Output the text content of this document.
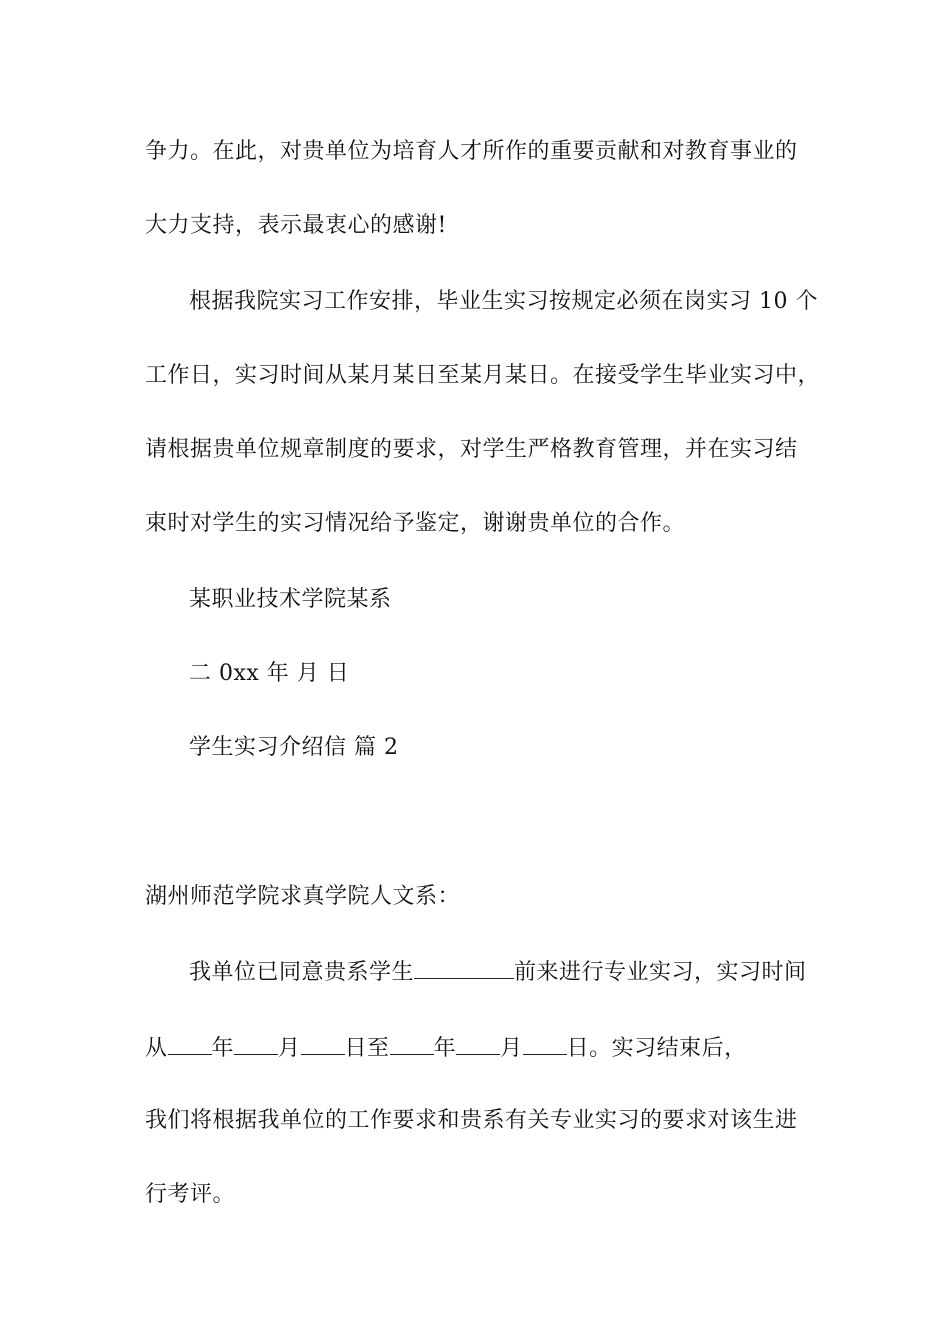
争力。在此，对贵单位为培育人才所作的重要贡献和对教育事业的
大力支持，表示最衷心的感谢!
根据我院实习工作安排，毕业生实习按规定必须在岗实习 10 个
工作日，实习时间从某月某日至某月某日。在接受学生毕业实习中，
请根据贵单位规章制度的要求，对学生严格教育管理，并在实习结
束时对学生的实习情况给予鉴定，谢谢贵单位的合作。
某职业技术学院某系
二 0xx 年 月 日
学生实习介绍信 篇 2
湖州师范学院求真学院人文系：
我单位已同意贵系学生	前来进行专业实习，实习时间
从 年 月 日至 年 月 日。实习结束后，
我们将根据我单位的工作要求和贵系有关专业实习的要求对该生进
行考评。
